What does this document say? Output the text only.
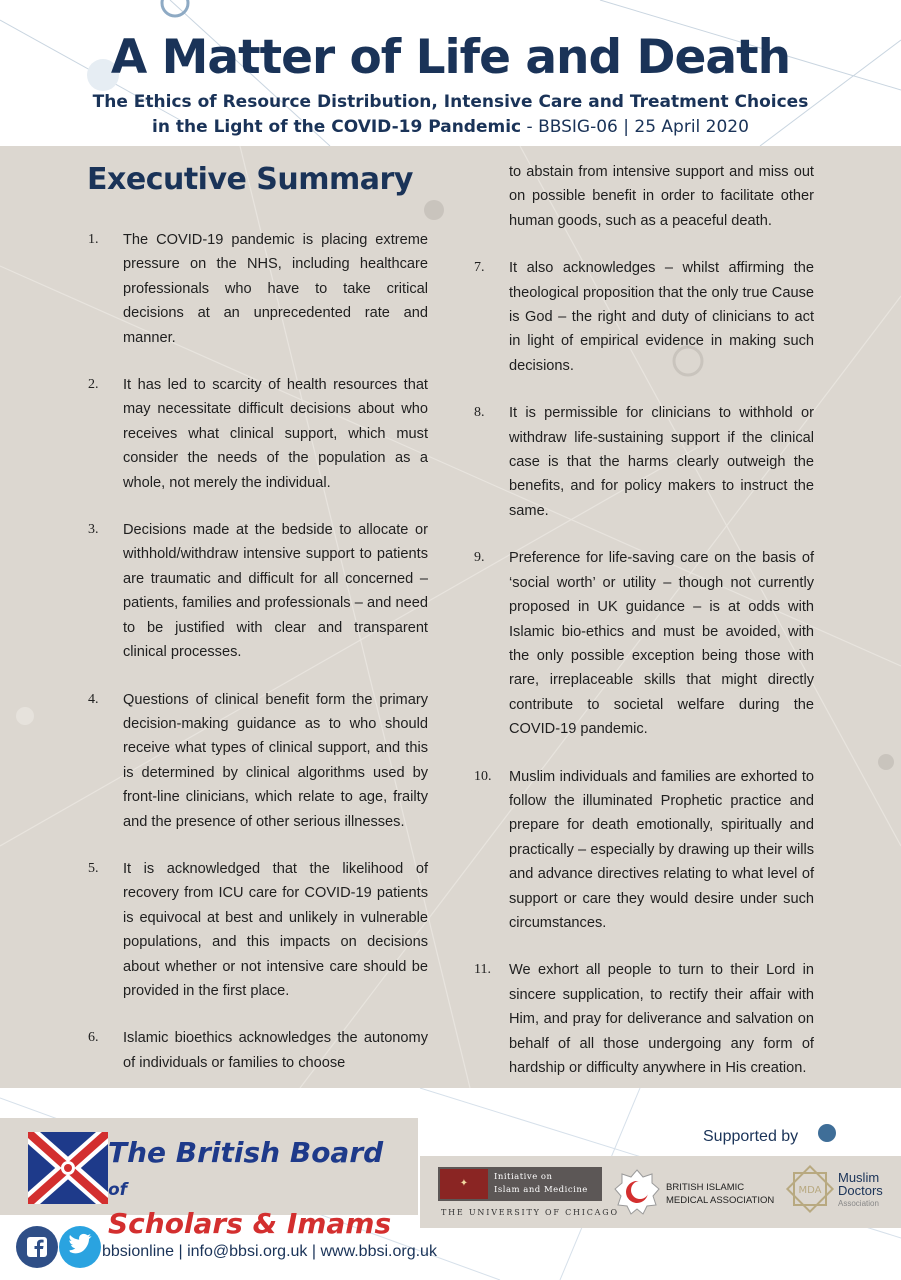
A Matter of Life and Death
The Ethics of Resource Distribution, Intensive Care and Treatment Choices
in the Light of the COVID-19 Pandemic - BBSIG-06 | 25 April 2020
Executive Summary
1. The COVID-19 pandemic is placing extreme pressure on the NHS, including healthcare professionals who have to take critical decisions at an unprecedented rate and manner.
2. It has led to scarcity of health resources that may necessitate difficult decisions about who receives what clinical support, which must consider the needs of the population as a whole, not merely the individual.
3. Decisions made at the bedside to allocate or withhold/withdraw intensive support to patients are traumatic and difficult for all concerned – patients, families and professionals – and need to be justified with clear and transparent clinical processes.
4. Questions of clinical benefit form the primary decision-making guidance as to who should receive what types of clinical support, and this is determined by clinical algorithms used by front-line clinicians, which relate to age, frailty and the presence of other serious illnesses.
5. It is acknowledged that the likelihood of recovery from ICU care for COVID-19 patients is equivocal at best and unlikely in vulnerable populations, and this impacts on decisions about whether or not intensive care should be provided in the first place.
6. Islamic bioethics acknowledges the autonomy of individuals or families to choose
to abstain from intensive support and miss out on possible benefit in order to facilitate other human goods, such as a peaceful death.
7. It also acknowledges – whilst affirming the theological proposition that the only true Cause is God – the right and duty of clinicians to act in light of empirical evidence in making such decisions.
8. It is permissible for clinicians to withhold or withdraw life-sustaining support if the clinical case is that the harms clearly outweigh the benefits, and for policy makers to instruct the same.
9. Preference for life-saving care on the basis of ‘social worth’ or utility – though not currently proposed in UK guidance – is at odds with Islamic bio-ethics and must be avoided, with the only possible exception being those with rare, irreplaceable skills that might directly contribute to societal welfare during the COVID-19 pandemic.
10. Muslim individuals and families are exhorted to follow the illuminated Prophetic practice and prepare for death emotionally, spiritually and practically – especially by drawing up their wills and advance directives relating to what level of support or care they would desire under such circumstances.
11. We exhort all people to turn to their Lord in sincere supplication, to rectify their affair with Him, and pray for deliverance and salvation on behalf of all those undergoing any form of hardship or difficulty anywhere in His creation.
The British Board of
Scholars & Imams
Supported by
✦
Initiative on
Islam and Medicine
THE UNIVERSITY OF CHICAGO
BRITISH ISLAMIC
MEDICAL ASSOCIATION
MDA
Muslim
Doctors
Association
bbsionline | info@bbsi.org.uk | www.bbsi.org.uk
